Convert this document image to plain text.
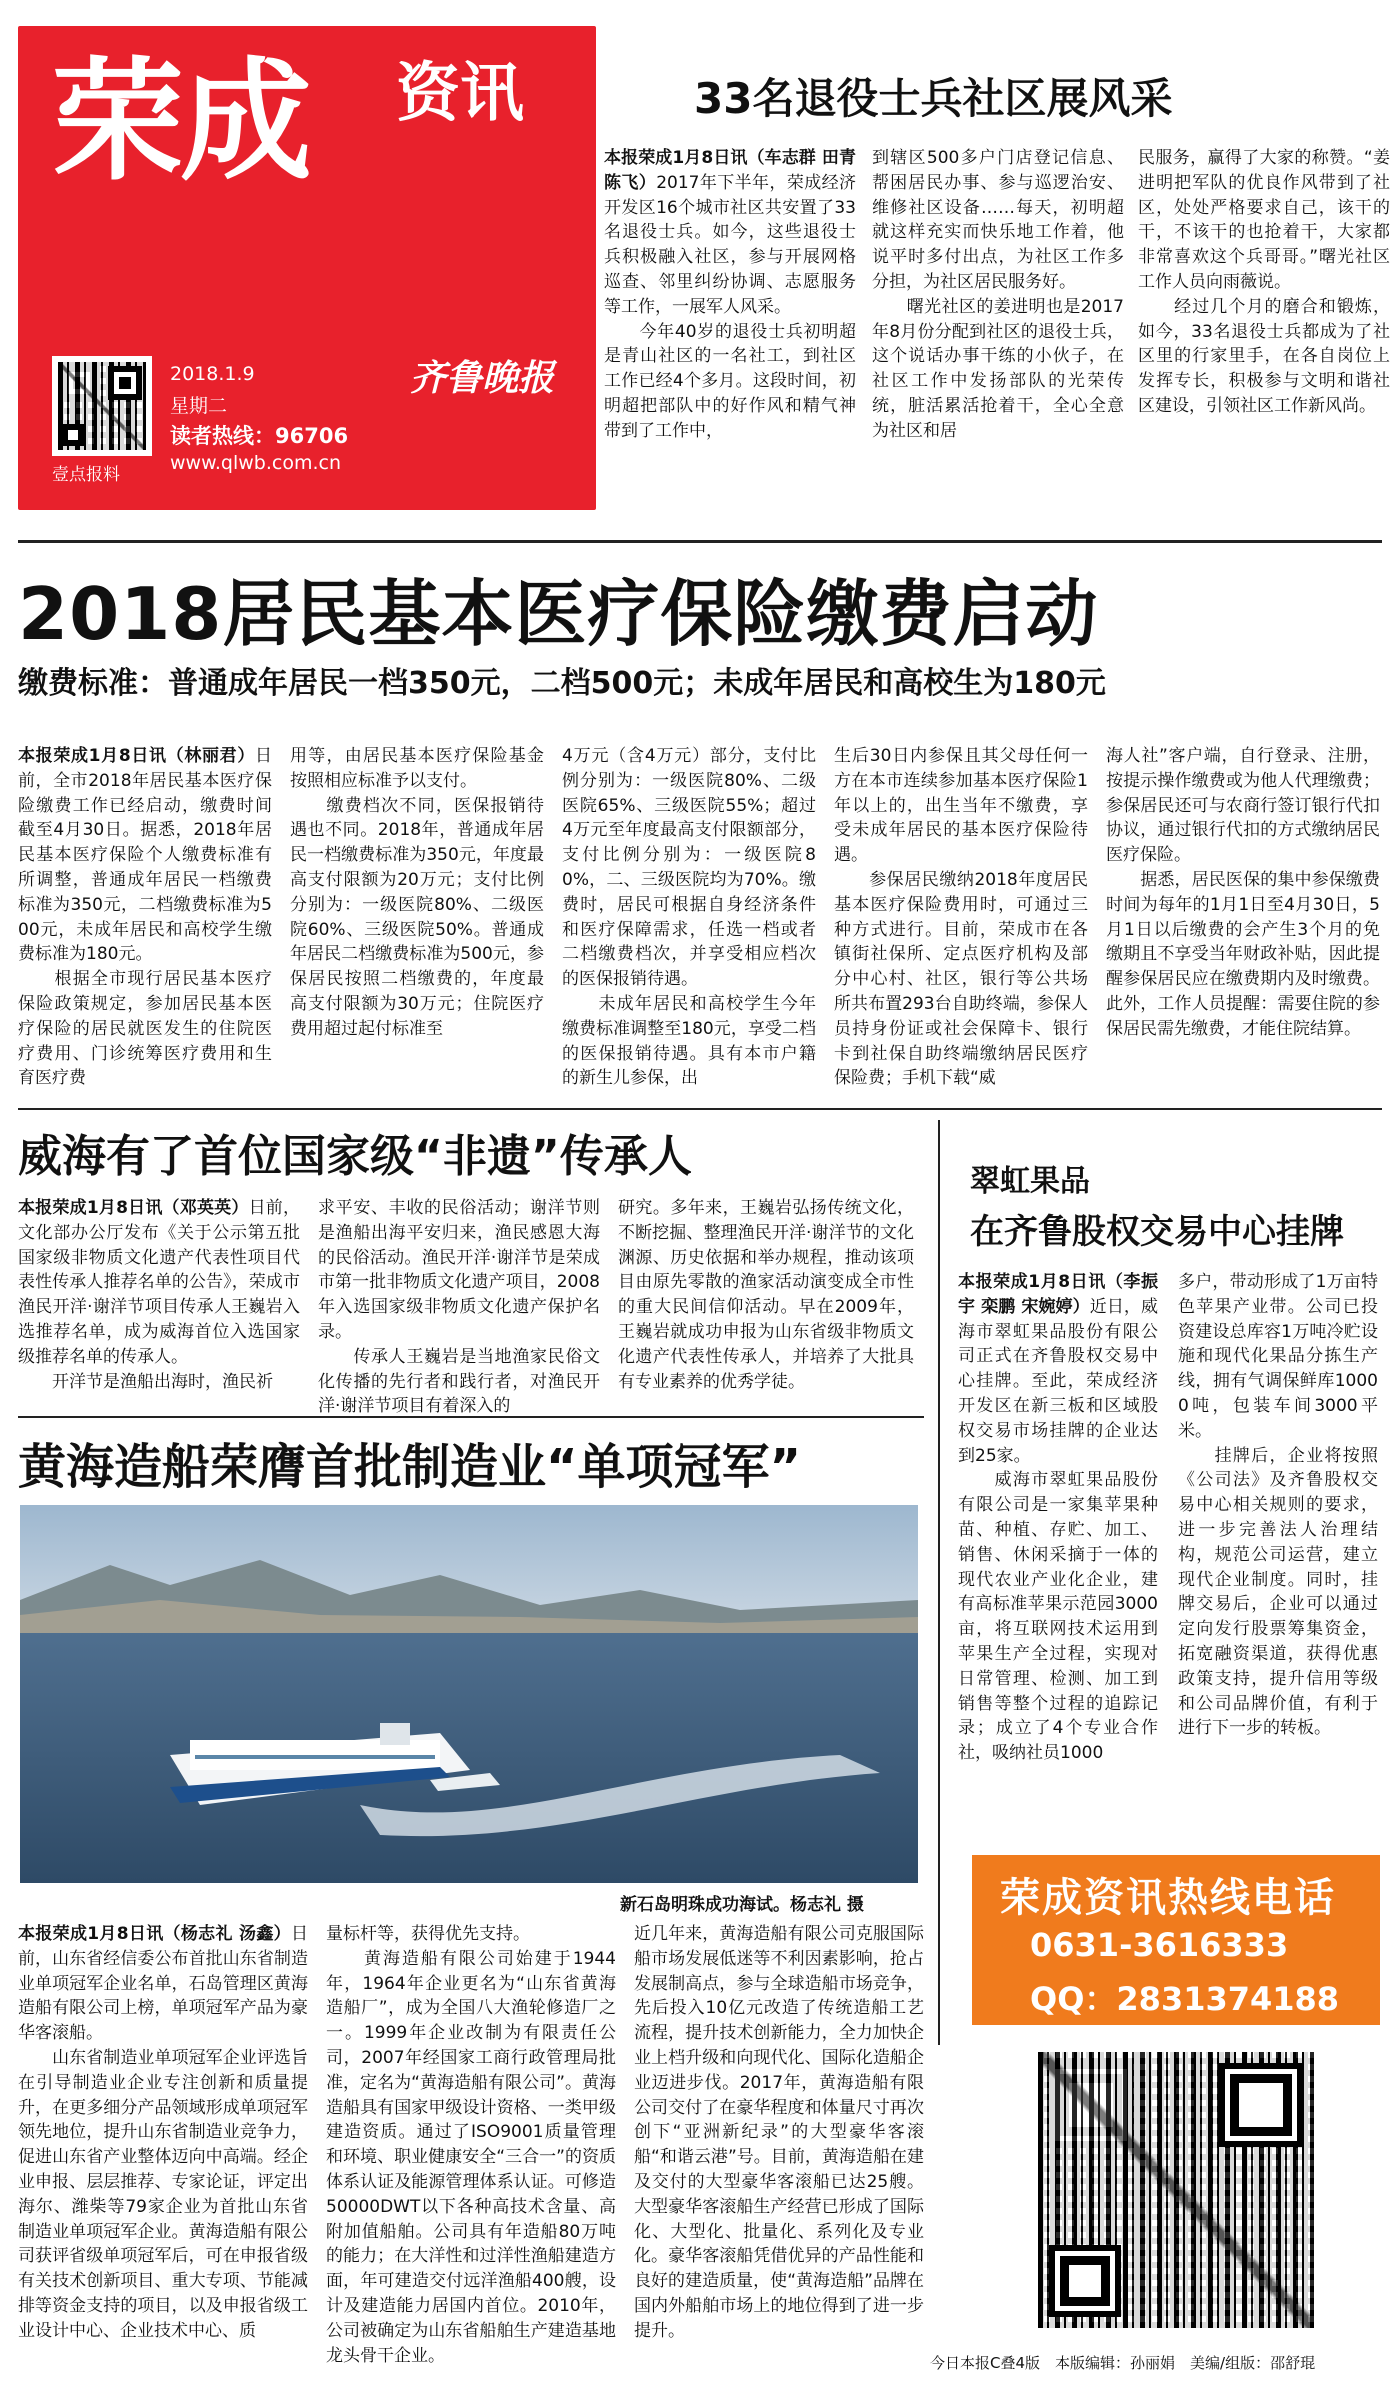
荣成 资讯
壹点报料
2018.1.9
星期二
齐鲁晚报
读者热线：96706
www.qlwb.com.cn
33名退役士兵社区展风采
本报荣成1月8日讯（车志群 田青 陈飞）2017年下半年，荣成经济开发区16个城市社区共安置了33名退役士兵。如今，这些退役士兵积极融入社区，参与开展网格巡查、邻里纠纷协调、志愿服务等工作，一展军人风采。
　　今年40岁的退役士兵初明超是青山社区的一名社工，到社区工作已经4个多月。这段时间，初明超把部队中的好作风和精气神带到了工作中，
到辖区500多户门店登记信息、帮困居民办事、参与巡逻治安、维修社区设备……每天，初明超就这样充实而快乐地工作着，他说平时多付出点，为社区工作多分担，为社区居民服务好。
　　曙光社区的姜进明也是2017年8月份分配到社区的退役士兵，这个说话办事干练的小伙子，在社区工作中发扬部队的光荣传统，脏活累活抢着干，全心全意为社区和居
民服务，赢得了大家的称赞。“姜进明把军队的优良作风带到了社区，处处严格要求自己，该干的干，不该干的也抢着干，大家都非常喜欢这个兵哥哥。”曙光社区工作人员向雨薇说。
　　经过几个月的磨合和锻炼，如今，33名退役士兵都成为了社区里的行家里手，在各自岗位上发挥专长，积极参与文明和谐社区建设，引领社区工作新风尚。
2018居民基本医疗保险缴费启动
缴费标准：普通成年居民一档350元，二档500元；未成年居民和高校生为180元
本报荣成1月8日讯（林丽君）日前，全市2018年居民基本医疗保险缴费工作已经启动，缴费时间截至4月30日。据悉，2018年居民基本医疗保险个人缴费标准有所调整，普通成年居民一档缴费标准为350元，二档缴费标准为500元，未成年居民和高校学生缴费标准为180元。
　　根据全市现行居民基本医疗保险政策规定，参加居民基本医疗保险的居民就医发生的住院医疗费用、门诊统筹医疗费用和生育医疗费
用等，由居民基本医疗保险基金按照相应标准予以支付。
　　缴费档次不同，医保报销待遇也不同。2018年，普通成年居民一档缴费标准为350元，年度最高支付限额为20万元；支付比例分别为：一级医院80%、二级医院60%、三级医院50%。普通成年居民二档缴费标准为500元，参保居民按照二档缴费的，年度最高支付限额为30万元；住院医疗费用超过起付标准至
4万元（含4万元）部分，支付比例分别为：一级医院80%、二级医院65%、三级医院55%；超过4万元至年度最高支付限额部分，支付比例分别为：一级医院80%，二、三级医院均为70%。缴费时，居民可根据自身经济条件和医疗保障需求，任选一档或者二档缴费档次，并享受相应档次的医保报销待遇。
　　未成年居民和高校学生今年缴费标准调整至180元，享受二档的医保报销待遇。具有本市户籍的新生儿参保，出
生后30日内参保且其父母任何一方在本市连续参加基本医疗保险1年以上的，出生当年不缴费，享受未成年居民的基本医疗保险待遇。
　　参保居民缴纳2018年度居民基本医疗保险费用时，可通过三种方式进行。目前，荣成市在各镇街社保所、定点医疗机构及部分中心村、社区，银行等公共场所共布置293台自助终端，参保人员持身份证或社会保障卡、银行卡到社保自助终端缴纳居民医疗保险费；手机下载“威
海人社”客户端，自行登录、注册，按提示操作缴费或为他人代理缴费；参保居民还可与农商行签订银行代扣协议，通过银行代扣的方式缴纳居民医疗保险。
　　据悉，居民医保的集中参保缴费时间为每年的1月1日至4月30日，5月1日以后缴费的会产生3个月的免缴期且不享受当年财政补贴，因此提醒参保居民应在缴费期内及时缴费。此外，工作人员提醒：需要住院的参保居民需先缴费，才能住院结算。
威海有了首位国家级“非遗”传承人
本报荣成1月8日讯（邓英英）日前，文化部办公厅发布《关于公示第五批国家级非物质文化遗产代表性项目代表性传承人推荐名单的公告》，荣成市渔民开洋·谢洋节项目传承人王巍岩入选推荐名单，成为威海首位入选国家级推荐名单的传承人。
　　开洋节是渔船出海时，渔民祈
求平安、丰收的民俗活动；谢洋节则是渔船出海平安归来，渔民感恩大海的民俗活动。渔民开洋·谢洋节是荣成市第一批非物质文化遗产项目，2008年入选国家级非物质文化遗产保护名录。
　　传承人王巍岩是当地渔家民俗文化传播的先行者和践行者，对渔民开洋·谢洋节项目有着深入的
研究。多年来，王巍岩弘扬传统文化，不断挖掘、整理渔民开洋·谢洋节的文化渊源、历史依据和举办规程，推动该项目由原先零散的渔家活动演变成全市性的重大民间信仰活动。早在2009年，王巍岩就成功申报为山东省级非物质文化遗产代表性传承人，并培养了大批具有专业素养的优秀学徒。
翠虹果品
在齐鲁股权交易中心挂牌
本报荣成1月8日讯（李振宇 栾鹏 宋婉婷）近日，威海市翠虹果品股份有限公司正式在齐鲁股权交易中心挂牌。至此，荣成经济开发区在新三板和区域股权交易市场挂牌的企业达到25家。
　　威海市翠虹果品股份有限公司是一家集苹果种苗、种植、存贮、加工、销售、休闲采摘于一体的现代农业产业化企业，建有高标准苹果示范园3000亩，将互联网技术运用到苹果生产全过程，实现对日常管理、检测、加工到销售等整个过程的追踪记录；成立了4个专业合作社，吸纳社员1000
多户，带动形成了1万亩特色苹果产业带。公司已投资建设总库容1万吨冷贮设施和现代化果品分拣生产线，拥有气调保鲜库10000吨，包装车间3000平米。
　　挂牌后，企业将按照《公司法》及齐鲁股权交易中心相关规则的要求，进一步完善法人治理结构，规范公司运营，建立现代企业制度。同时，挂牌交易后，企业可以通过定向发行股票筹集资金，拓宽融资渠道，获得优惠政策支持，提升信用等级和公司品牌价值，有利于进行下一步的转板。
黄海造船荣膺首批制造业“单项冠军”
新石岛明珠成功海试。杨志礼 摄
本报荣成1月8日讯（杨志礼 汤鑫）日前，山东省经信委公布首批山东省制造业单项冠军企业名单，石岛管理区黄海造船有限公司上榜，单项冠军产品为豪华客滚船。
　　山东省制造业单项冠军企业评选旨在引导制造业企业专注创新和质量提升，在更多细分产品领域形成单项冠军领先地位，提升山东省制造业竞争力，促进山东省产业整体迈向中高端。经企业申报、层层推荐、专家论证，评定出海尔、潍柴等79家企业为首批山东省制造业单项冠军企业。黄海造船有限公司获评省级单项冠军后，可在申报省级有关技术创新项目、重大专项、节能减排等资金支持的项目，以及申报省级工业设计中心、企业技术中心、质
量标杆等，获得优先支持。
　　黄海造船有限公司始建于1944年，1964年企业更名为“山东省黄海造船厂”，成为全国八大渔轮修造厂之一。1999年企业改制为有限责任公司，2007年经国家工商行政管理局批准，定名为“黄海造船有限公司”。黄海造船具有国家甲级设计资格、一类甲级建造资质。通过了ISO9001质量管理和环境、职业健康安全“三合一”的资质体系认证及能源管理体系认证。可修造50000DWT以下各种高技术含量、高附加值船舶。公司具有年造船80万吨的能力；在大洋性和过洋性渔船建造方面，年可建造交付远洋渔船400艘，设计及建造能力居国内首位。2010年，公司被确定为山东省船舶生产建造基地龙头骨干企业。
近几年来，黄海造船有限公司克服国际船市场发展低迷等不利因素影响，抢占发展制高点，参与全球造船市场竞争，先后投入10亿元改造了传统造船工艺流程，提升技术创新能力，全力加快企业上档升级和向现代化、国际化造船企业迈进步伐。2017年，黄海造船有限公司交付了在豪华程度和体量尺寸再次创下“亚洲新纪录”的大型豪华客滚船“和谐云港”号。目前，黄海造船在建及交付的大型豪华客滚船已达25艘。大型豪华客滚船生产经营已形成了国际化、大型化、批量化、系列化及专业化。豪华客滚船凭借优异的产品性能和良好的建造质量，使“黄海造船”品牌在国内外船舶市场上的地位得到了进一步提升。
荣成资讯热线电话
0631-3616333
QQ：2831374188
今日本报C叠4版　本版编辑：孙丽娟　美编/组版：邵舒琨
